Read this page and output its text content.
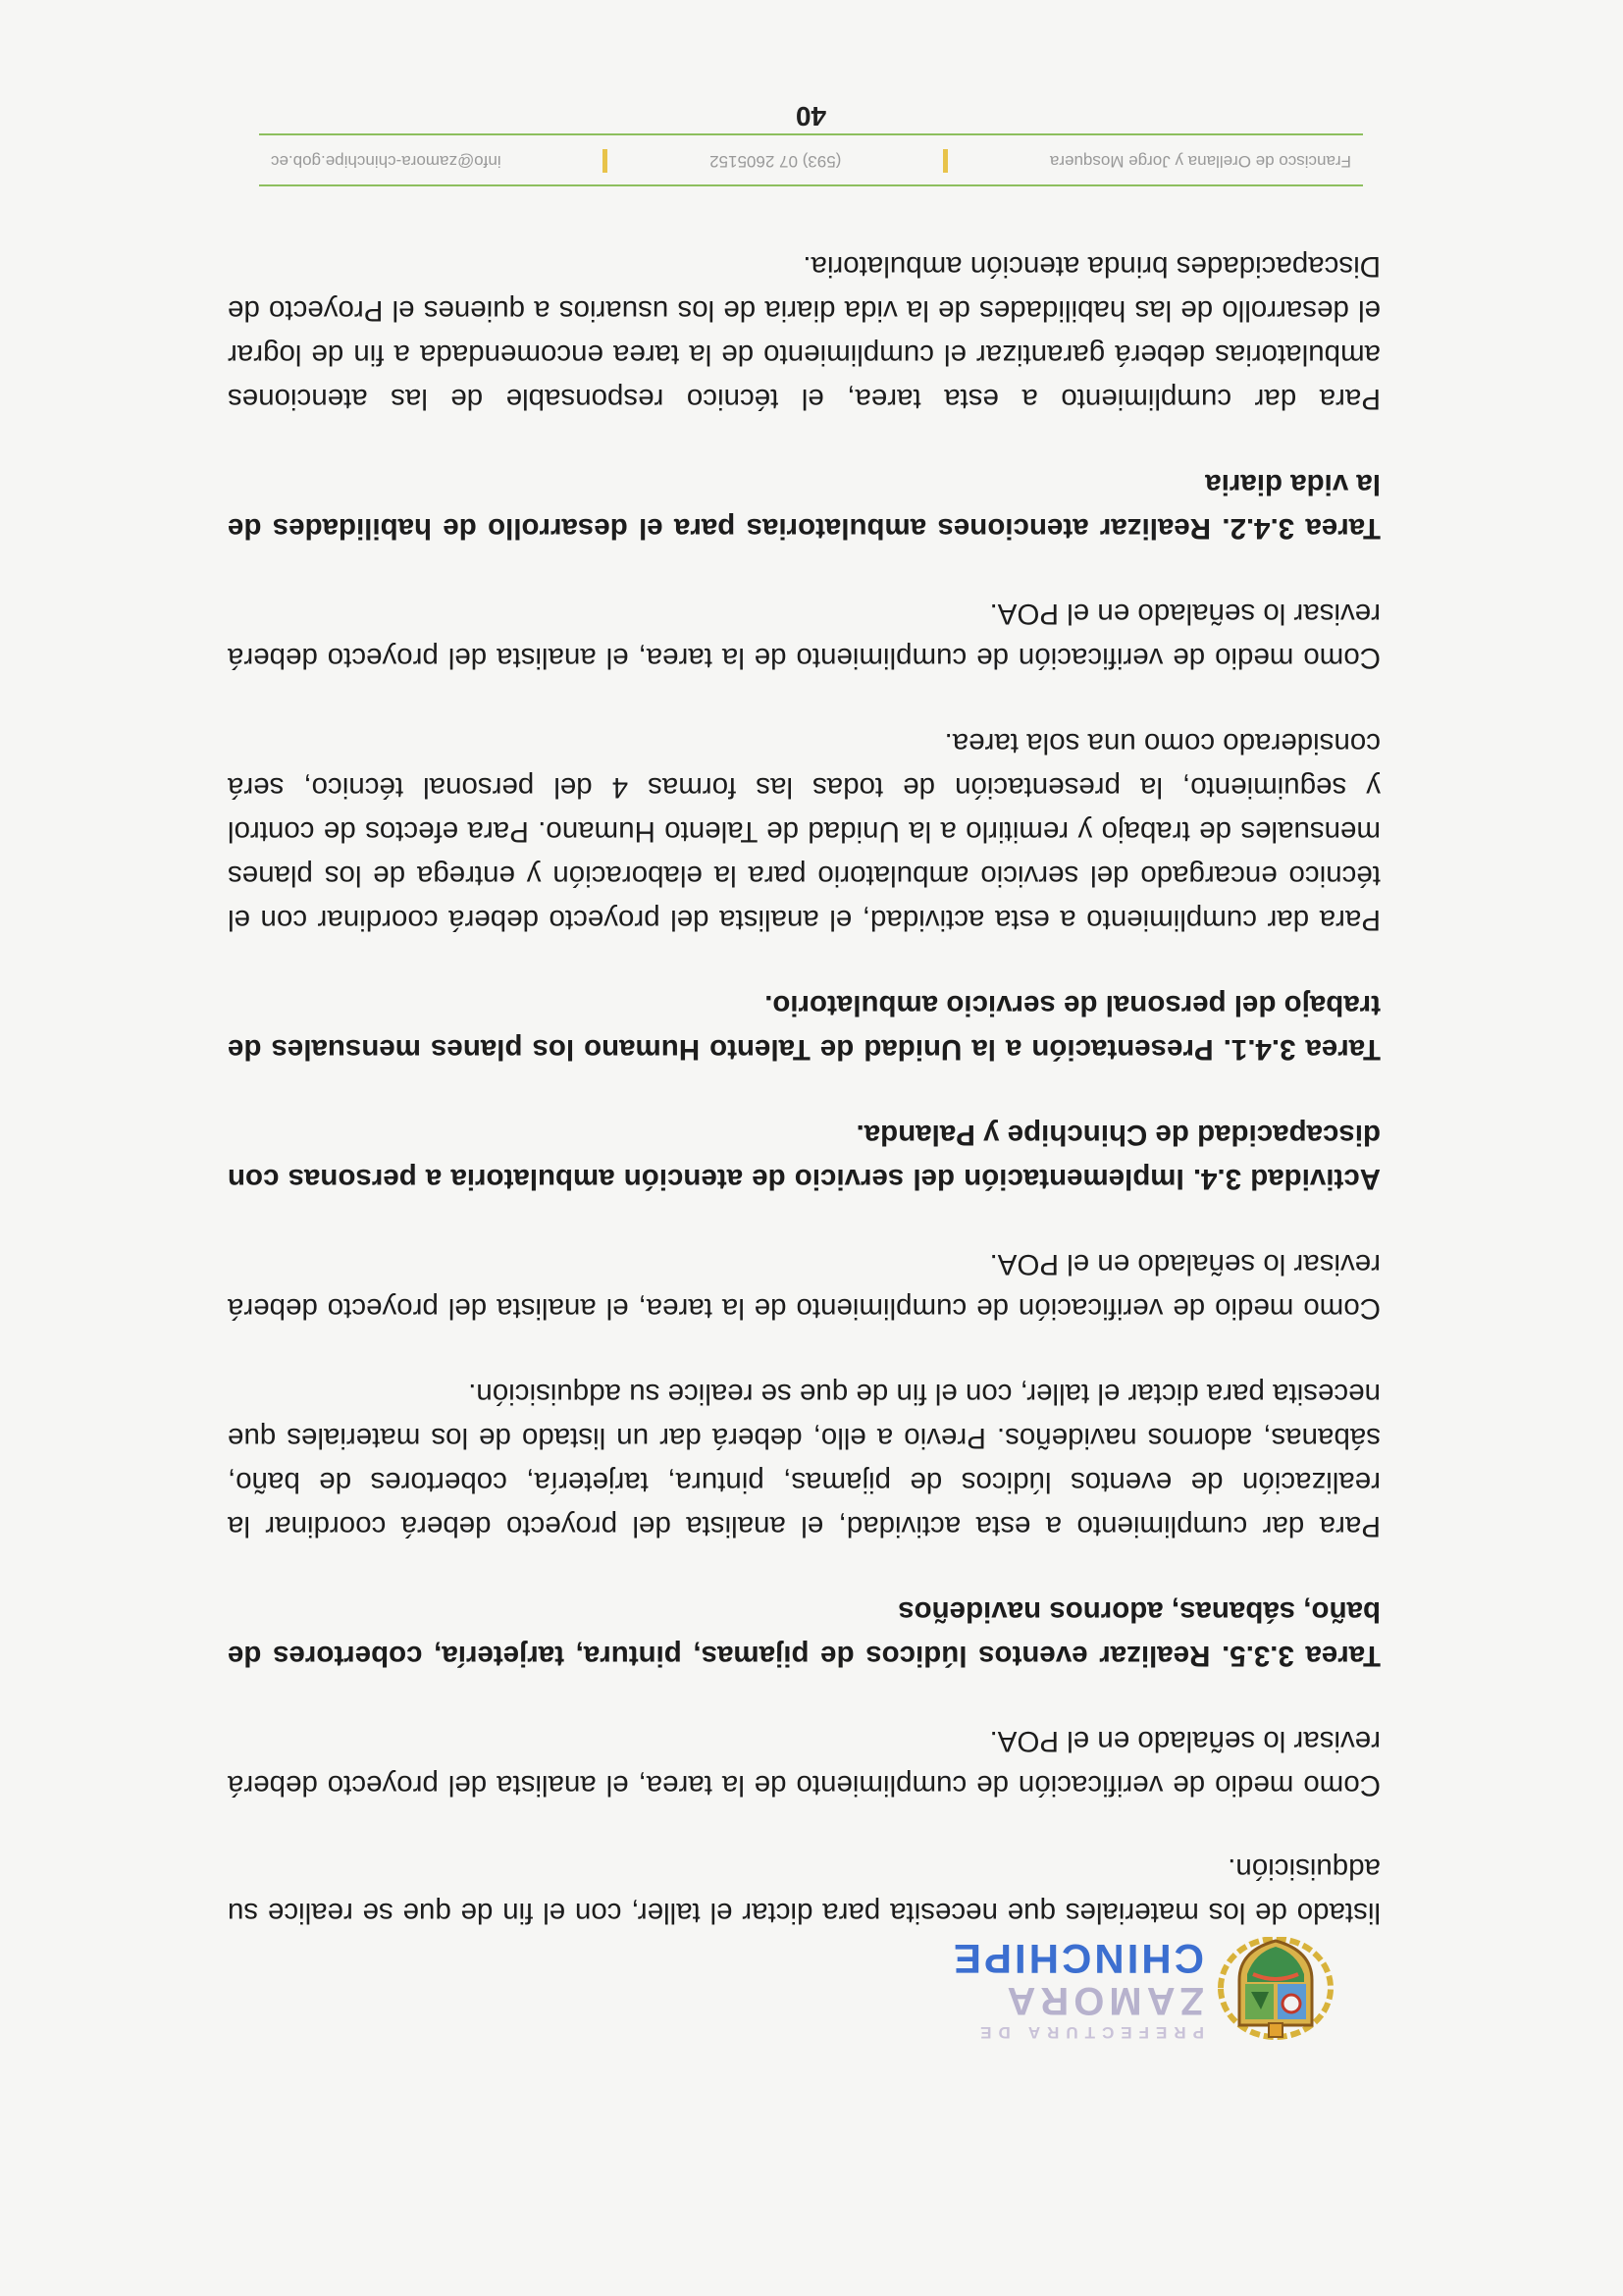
PREFECTURA DE
ZAMORA
CHINCHIPE

listado de los materiales que necesita para dictar el taller, con el fin de que se realice su adquisición.

Como medio de verificación de cumplimiento de la tarea, el analista del proyecto deberá revisar lo señalado en el POA.

Tarea 3.3.5. Realizar eventos lúdicos de pijamas, pintura, tarjetería, cobertores de baño, sábanas, adornos navideños

Para dar cumplimiento a esta actividad, el analista del proyecto deberá coordinar la realización de eventos lúdicos de pijamas, pintura, tarjetería, cobertores de baño, sábanas, adornos navideños. Previo a ello, deberá dar un listado de los materiales que necesita para dictar el taller, con el fin de que se realice su adquisición.

Como medio de verificación de cumplimiento de la tarea, el analista del proyecto deberá revisar lo señalado en el POA.

Actividad 3.4. Implementación del servicio de atención ambulatoria a personas con discapacidad de Chinchipe y Palanda.

Tarea 3.4.1. Presentación a la Unidad de Talento Humano los planes mensuales de trabajo del personal de servicio ambulatorio.

Para dar cumplimiento a esta actividad, el analista del proyecto deberá coordinar con el técnico encargado del servicio ambulatorio para la elaboración y entrega de los planes mensuales de trabajo y remitirlo a la Unidad de Talento Humano. Para efectos de control y seguimiento, la presentación de todas las formas 4 del personal técnico, será considerado como una sola tarea.

Como medio de verificación de cumplimiento de la tarea, el analista del proyecto deberá revisar lo señalado en el POA.

Tarea 3.4.2. Realizar atenciones ambulatorias para el desarrollo de habilidades de la vida diaria

Para dar cumplimiento a esta tarea, el técnico responsable de las atenciones ambulatorias deberá garantizar el cumplimiento de la tarea encomendada a fin de lograr el desarrollo de las habilidades de la vida diaria de los usuarios a quienes el Proyecto de Discapacidades brinda atención ambulatoria.

Francisco de Orellana y Jorge Mosquera
(593) 07 2605152
info@zamora-chinchipe.gob.ec
40
